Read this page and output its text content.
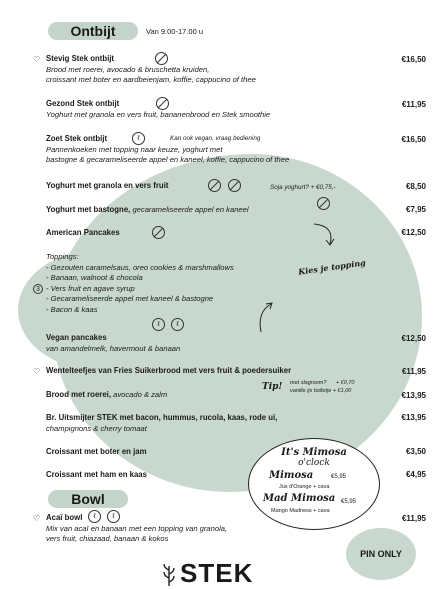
Ontbijt	Van 9.00-17.00 u
♡ Stevig Stek ontbijt
Brood met roerei, avocado & bruschetta kruiden,
croissant met boter en aardbeienjam, koffie, cappucino of thee
€16,50
Gezond Stek ontbijt
Yoghurt met granola en vers fruit, bananenbrood en Stek smoothie
€11,95
Zoet Stek ontbijt
Pannenkoeken met topping naar keuze, yoghurt met
bastogne & gecarameliseerde appel en kaneel, koffie, cappucino of thee
ℓ	Kan ook vegan, vraag bediening	€16,50
Yoghurt met granola en vers fruit	Soja yoghurt? + €0,75,-	€8,50
Yoghurt met bastogne, gecarameliseerde appel en kaneel	€7,95
American Pancakes	€12,50
Toppings:
- Gezouten caramelsaus, oreo cookies & marshmallows
- Banaan, walnoot & chocola
- Vers fruit en agave syrup
- Gecarameliseerde appel met kaneel & bastogne
- Bacon & kaas
3
Kies je topping
ℓ	ℓ
Vegan pancakes
van amandelmelk, havermout & banaan
€12,50
♡ Wentelteefjes van Fries Suikerbrood met vers fruit & poedersuiker	€11,95
Brood met roerei, avocado & zalm
Tip! met slagroom? + €0,70
vanille ijs bolletje + €1,00	€13,95
Br. Uitsmijter STEK met bacon, hummus, rucola, kaas, rode ui,
champignons & cherry tomaat
€13,95
Croissant met boter en jam	€3,50
Croissant met ham en kaas	€4,95
Bowl
♡ Acaï bowl
Mix van acaï en banaan met een topping van granola,
vers fruit, chiazaad, banaan & kokos
ℓ	ℓ	€11,95
It's Mimosa
o'clock
Mimosa	€5,95
Jus d'Orange + cava
Mad Mimosa €5,95
Mango Madness + cava
PIN ONLY
STEK
